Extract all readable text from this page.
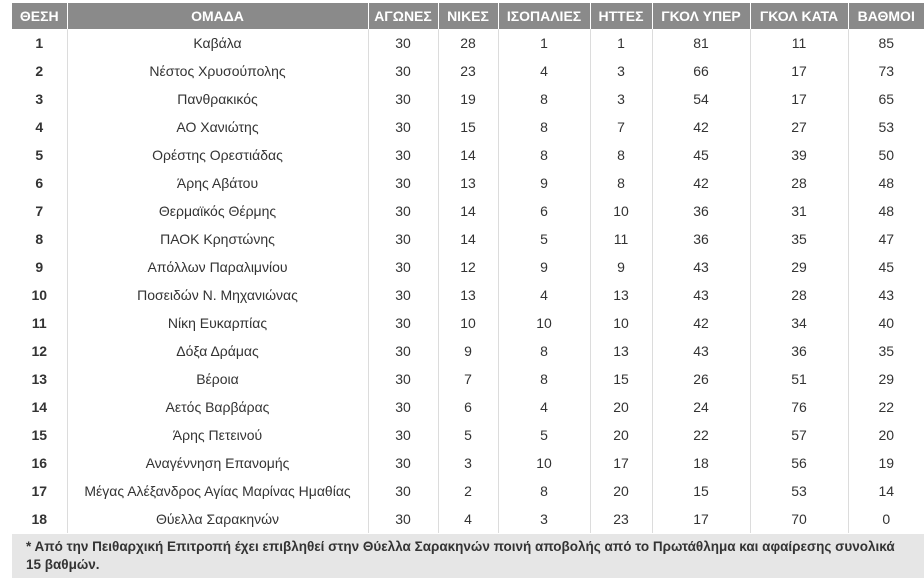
ΘΕΣΗ	ΟΜΑΔΑ	ΑΓΩΝΕΣ	ΝΙΚΕΣ	ΙΣΟΠΑΛΙΕΣ	ΗΤΤΕΣ	ΓΚΟΛ ΥΠΕΡ	ΓΚΟΛ ΚΑΤΑ	ΒΑΘΜΟΙ
1	Καβάλα	30	28	1	1	81	11	85
2	Νέστος Χρυσούπολης	30	23	4	3	66	17	73
3	Πανθρακικός	30	19	8	3	54	17	65
4	ΑΟ Χανιώτης	30	15	8	7	42	27	53
5	Ορέστης Ορεστιάδας	30	14	8	8	45	39	50
6	Άρης Αβάτου	30	13	9	8	42	28	48
7	Θερμαϊκός Θέρμης	30	14	6	10	36	31	48
8	ΠΑΟΚ Κρηστώνης	30	14	5	11	36	35	47
9	Απόλλων Παραλιμνίου	30	12	9	9	43	29	45
10	Ποσειδών Ν. Μηχανιώνας	30	13	4	13	43	28	43
11	Νίκη Ευκαρπίας	30	10	10	10	42	34	40
12	Δόξα Δράμας	30	9	8	13	43	36	35
13	Βέροια	30	7	8	15	26	51	29
14	Αετός Βαρβάρας	30	6	4	20	24	76	22
15	Άρης Πετεινού	30	5	5	20	22	57	20
16	Αναγέννηση Επανομής	30	3	10	17	18	56	19
17	Μέγας Αλέξανδρος Αγίας Μαρίνας Ημαθίας	30	2	8	20	15	53	14
18	Θύελλα Σαρακηνών	30	4	3	23	17	70	0
* Από την Πειθαρχική Επιτροπή έχει επιβληθεί στην Θύελλα Σαρακηνών ποινή αποβολής από το Πρωτάθλημα και αφαίρεσης συνολικά 15 βαθμών.
